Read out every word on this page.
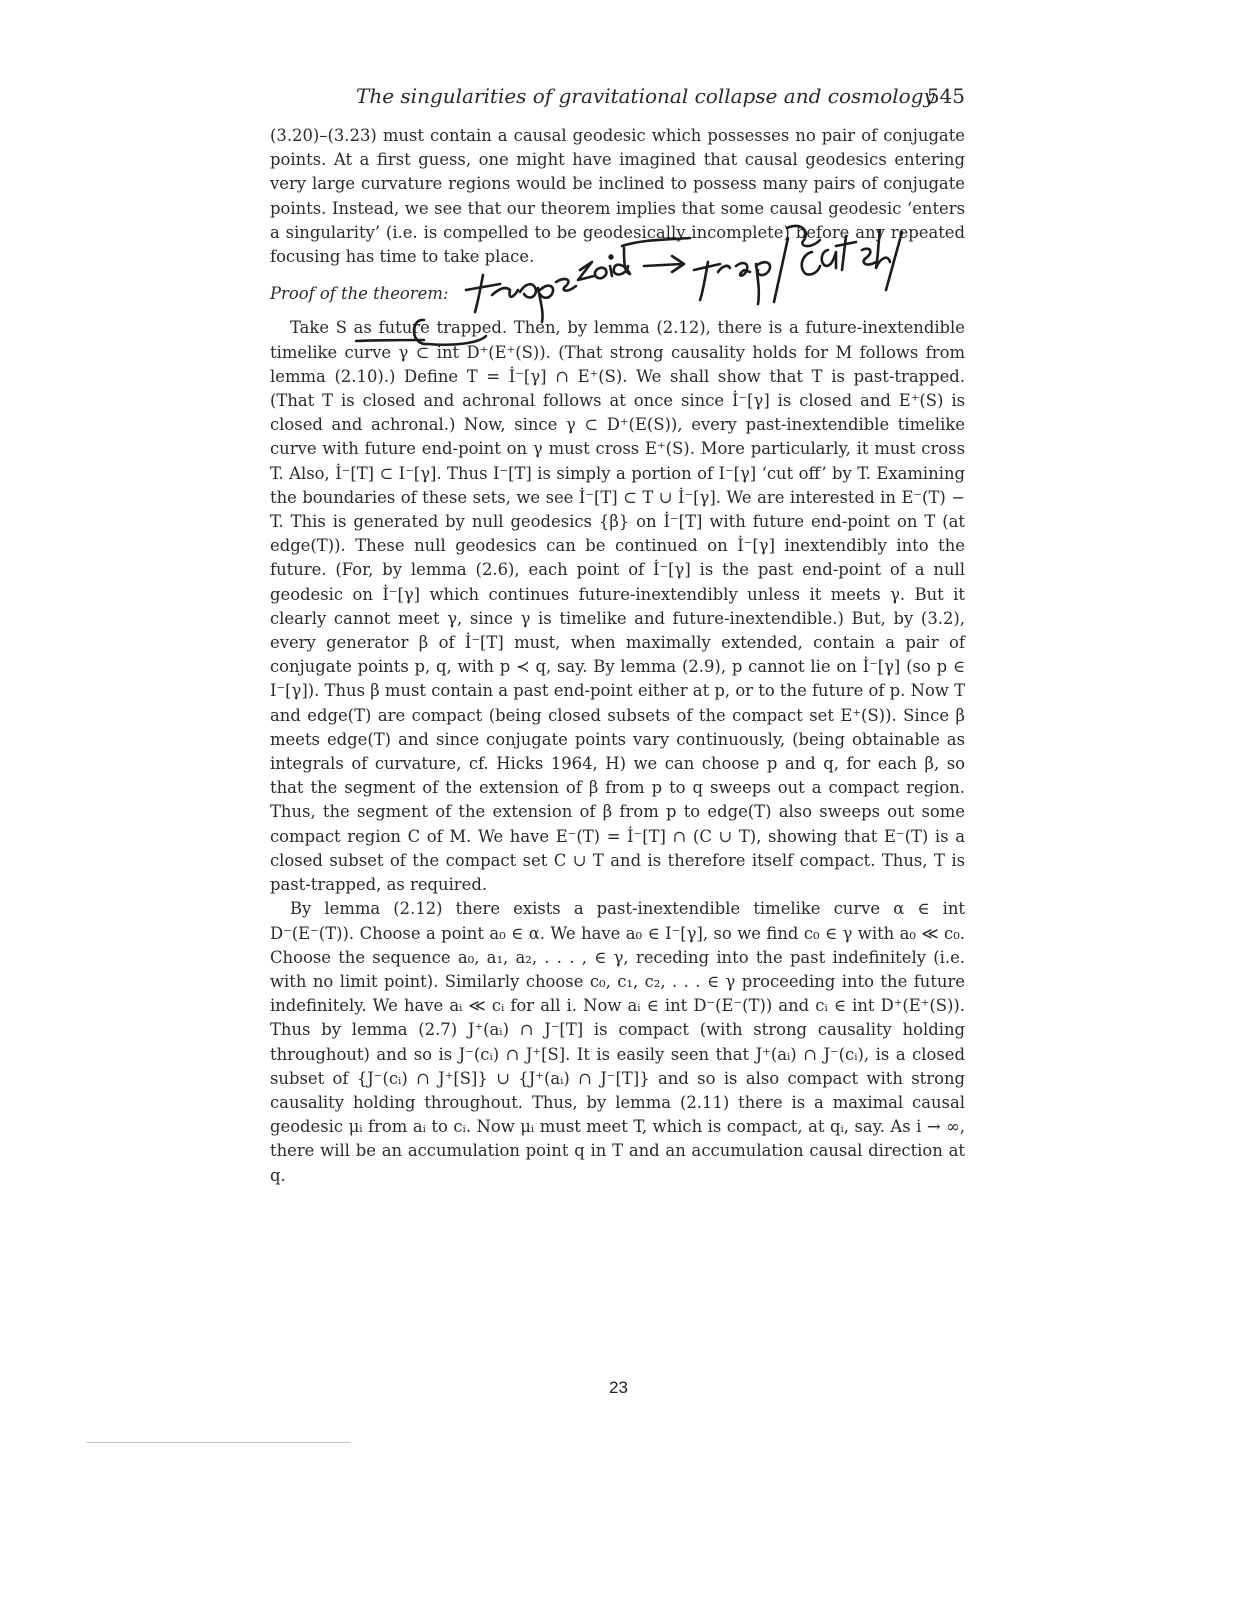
The singularities of gravitational collapse and cosmology
545

(3.20)–(3.23) must contain a causal geodesic which possesses no pair of conjugate points. At a first guess, one might have imagined that causal geodesics entering very large curvature regions would be inclined to possess many pairs of conjugate points. Instead, we see that our theorem implies that some causal geodesic ‘enters a singularity’ (i.e. is compelled to be geodesically incomplete) before any repeated focusing has time to take place.

Proof of the theorem:

Take S as future trapped. Then, by lemma (2.12), there is a future-inextendible timelike curve γ ⊂ int D⁺(E⁺(S)). (That strong causality holds for M follows from lemma (2.10).) Define T = İ⁻[γ] ∩ E⁺(S). We shall show that T is past-trapped. (That T is closed and achronal follows at once since İ⁻[γ] is closed and E⁺(S) is closed and achronal.) Now, since γ ⊂ D⁺(E(S)), every past-inextendible timelike curve with future end-point on γ must cross E⁺(S). More particularly, it must cross T. Also, İ⁻[T] ⊂ I⁻[γ]. Thus I⁻[T] is simply a portion of I⁻[γ] ‘cut off’ by T. Examining the boundaries of these sets, we see İ⁻[T] ⊂ T ∪ İ⁻[γ]. We are interested in E⁻(T) − T. This is generated by null geodesics {β} on İ⁻[T] with future end-point on T (at edge(T)). These null geodesics can be continued on İ⁻[γ] inextendibly into the future. (For, by lemma (2.6), each point of İ⁻[γ] is the past end-point of a null geodesic on İ⁻[γ] which continues future-inextendibly unless it meets γ. But it clearly cannot meet γ, since γ is timelike and future-inextendible.) But, by (3.2), every generator β of İ⁻[T] must, when maximally extended, contain a pair of conjugate points p, q, with p ≺ q, say. By lemma (2.9), p cannot lie on İ⁻[γ] (so p ∈ I⁻[γ]). Thus β must contain a past end-point either at p, or to the future of p. Now T and edge(T) are compact (being closed subsets of the compact set E⁺(S)). Since β meets edge(T) and since conjugate points vary continuously, (being obtainable as integrals of curvature, cf. Hicks 1964, H) we can choose p and q, for each β, so that the segment of the extension of β from p to q sweeps out a compact region. Thus, the segment of the extension of β from p to edge(T) also sweeps out some compact region C of M. We have E⁻(T) = İ⁻[T] ∩ (C ∪ T), showing that E⁻(T) is a closed subset of the compact set C ∪ T and is therefore itself compact. Thus, T is past-trapped, as required.

By lemma (2.12) there exists a past-inextendible timelike curve α ∈ int D⁻(E⁻(T)). Choose a point a₀ ∈ α. We have a₀ ∈ I⁻[γ], so we find c₀ ∈ γ with a₀ ≪ c₀. Choose the sequence a₀, a₁, a₂, . . . , ∈ γ, receding into the past indefinitely (i.e. with no limit point). Similarly choose c₀, c₁, c₂, . . . ∈ γ proceeding into the future indefinitely. We have aᵢ ≪ cᵢ for all i. Now aᵢ ∈ int D⁻(E⁻(T)) and cᵢ ∈ int D⁺(E⁺(S)). Thus by lemma (2.7) J⁺(aᵢ) ∩ J⁻[T] is compact (with strong causality holding throughout) and so is J⁻(cᵢ) ∩ J⁺[S]. It is easily seen that J⁺(aᵢ) ∩ J⁻(cᵢ), is a closed subset of {J⁻(cᵢ) ∩ J⁺[S]} ∪ {J⁺(aᵢ) ∩ J⁻[T]} and so is also compact with strong causality holding throughout. Thus, by lemma (2.11) there is a maximal causal geodesic μᵢ from aᵢ to cᵢ. Now μᵢ must meet T, which is compact, at qᵢ, say. As i → ∞, there will be an accumulation point q in T and an accumulation causal direction at q.

23
